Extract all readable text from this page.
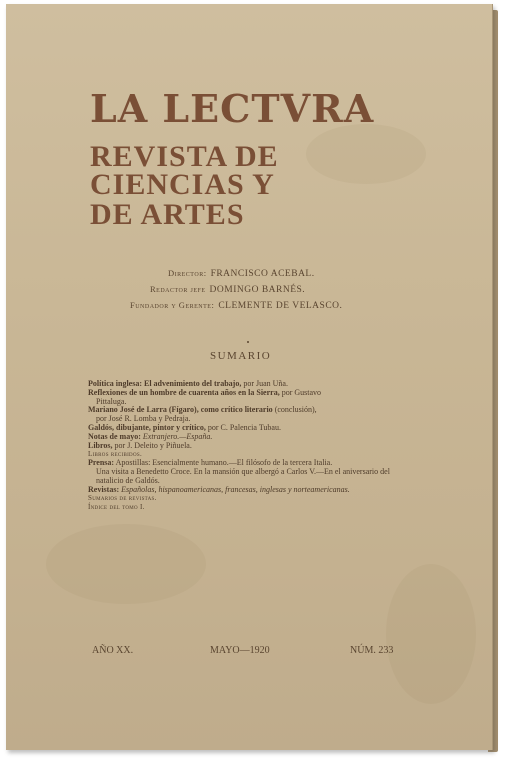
LA LECTVRA
REVISTA DE
CIENCIAS Y
DE ARTES
Director: FRANCISCO ACEBAL.
Redactor jefe DOMINGO BARNÉS.
Fundador y Gerente: CLEMENTE DE VELASCO.
SUMARIO

Política inglesa: El advenimiento del trabajo, por Juan Uña.

Reflexiones de un hombre de cuarenta años en la Sierra, por Gustavo
Pittaluga.

Mariano José de Larra (Fígaro), como crítico literario (conclusión),
por José R. Lomba y Pedraja.

Galdós, dibujante, pintor y crítico, por C. Palencia Tubau.

Notas de mayo: Extranjero.—España.

Libros, por J. Deleito y Piñuela.

Libros recibidos.

Prensa: Apostillas: Esencialmente humano.—El filósofo de la tercera Italia.
Una visita a Benedetto Croce. En la mansión que albergó a Carlos V.—En el aniversario del natalicio de Galdós.

Revistas: Españolas, hispanoamericanas, francesas, inglesas y norteamericanas.

Sumarios de revistas.

Índice del tomo I.

AÑO XX.	MAYO—1920	NÚM. 233
